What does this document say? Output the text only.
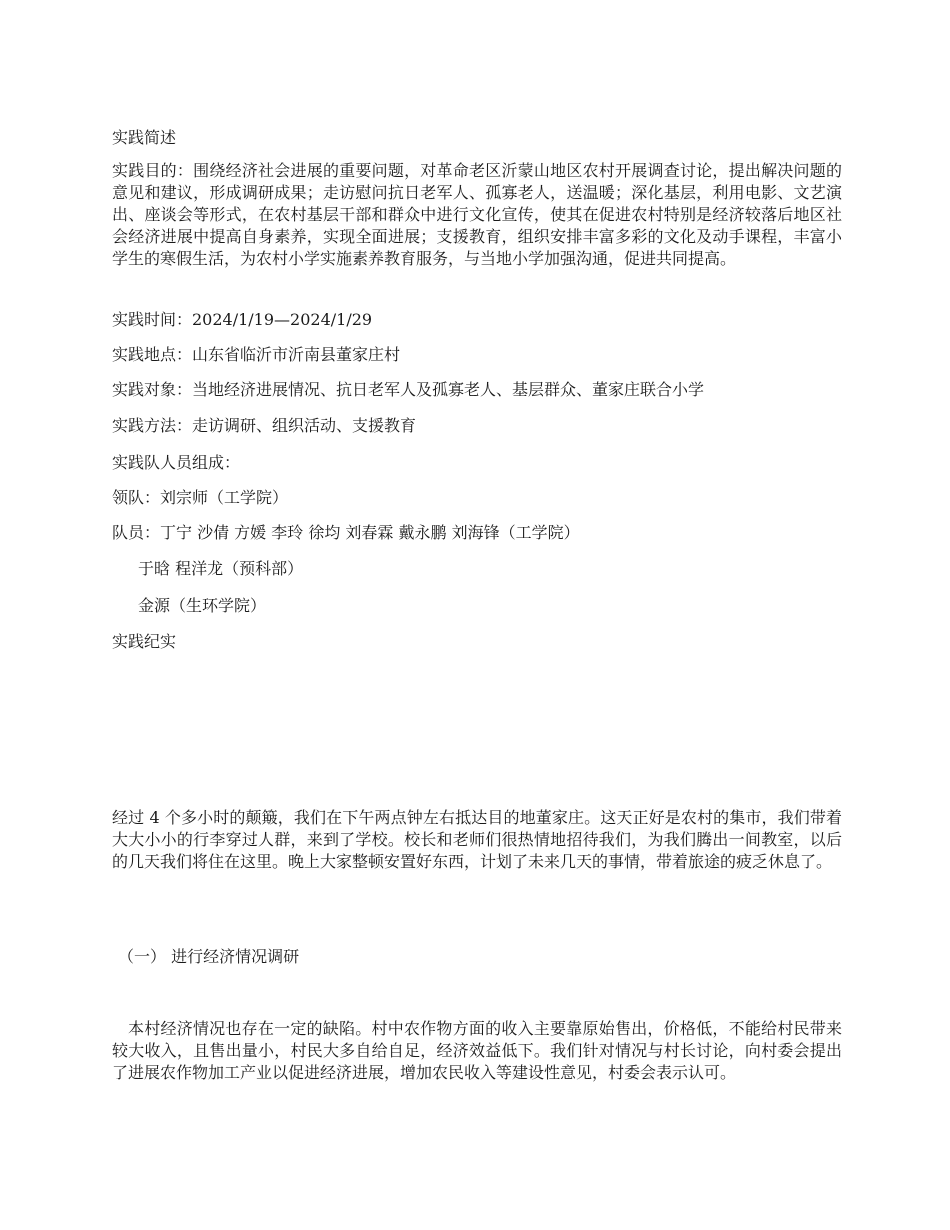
实践简述

实践目的：围绕经济社会进展的重要问题，对革命老区沂蒙山地区农村开展调查讨论，提出解决问题的意见和建议，形成调研成果；走访慰问抗日老军人、孤寡老人，送温暖；深化基层，利用电影、文艺演出、座谈会等形式，在农村基层干部和群众中进行文化宣传，使其在促进农村特别是经济较落后地区社会经济进展中提高自身素养，实现全面进展；支援教育，组织安排丰富多彩的文化及动手课程，丰富小学生的寒假生活，为农村小学实施素养教育服务，与当地小学加强沟通，促进共同提高。

实践时间：2024/1/19—2024/1/29

实践地点：山东省临沂市沂南县董家庄村

实践对象：当地经济进展情况、抗日老军人及孤寡老人、基层群众、董家庄联合小学

实践方法：走访调研、组织活动、支援教育

实践队人员组成：

领队：刘宗师（工学院）

队员：丁宁 沙倩 方媛 李玲 徐均 刘春霖 戴永鹏 刘海锋（工学院）

于晗 程洋龙（预科部）

金源（生环学院）

实践纪实

经过 4 个多小时的颠簸，我们在下午两点钟左右抵达目的地董家庄。这天正好是农村的集市，我们带着大大小小的行李穿过人群，来到了学校。校长和老师们很热情地招待我们，为我们腾出一间教室，以后的几天我们将住在这里。晚上大家整顿安置好东西，计划了未来几天的事情，带着旅途的疲乏休息了。

（一） 进行经济情况调研

本村经济情况也存在一定的缺陷。村中农作物方面的收入主要靠原始售出，价格低，不能给村民带来较大收入，且售出量小，村民大多自给自足，经济效益低下。我们针对情况与村长讨论，向村委会提出了进展农作物加工产业以促进经济进展，增加农民收入等建设性意见，村委会表示认可。
